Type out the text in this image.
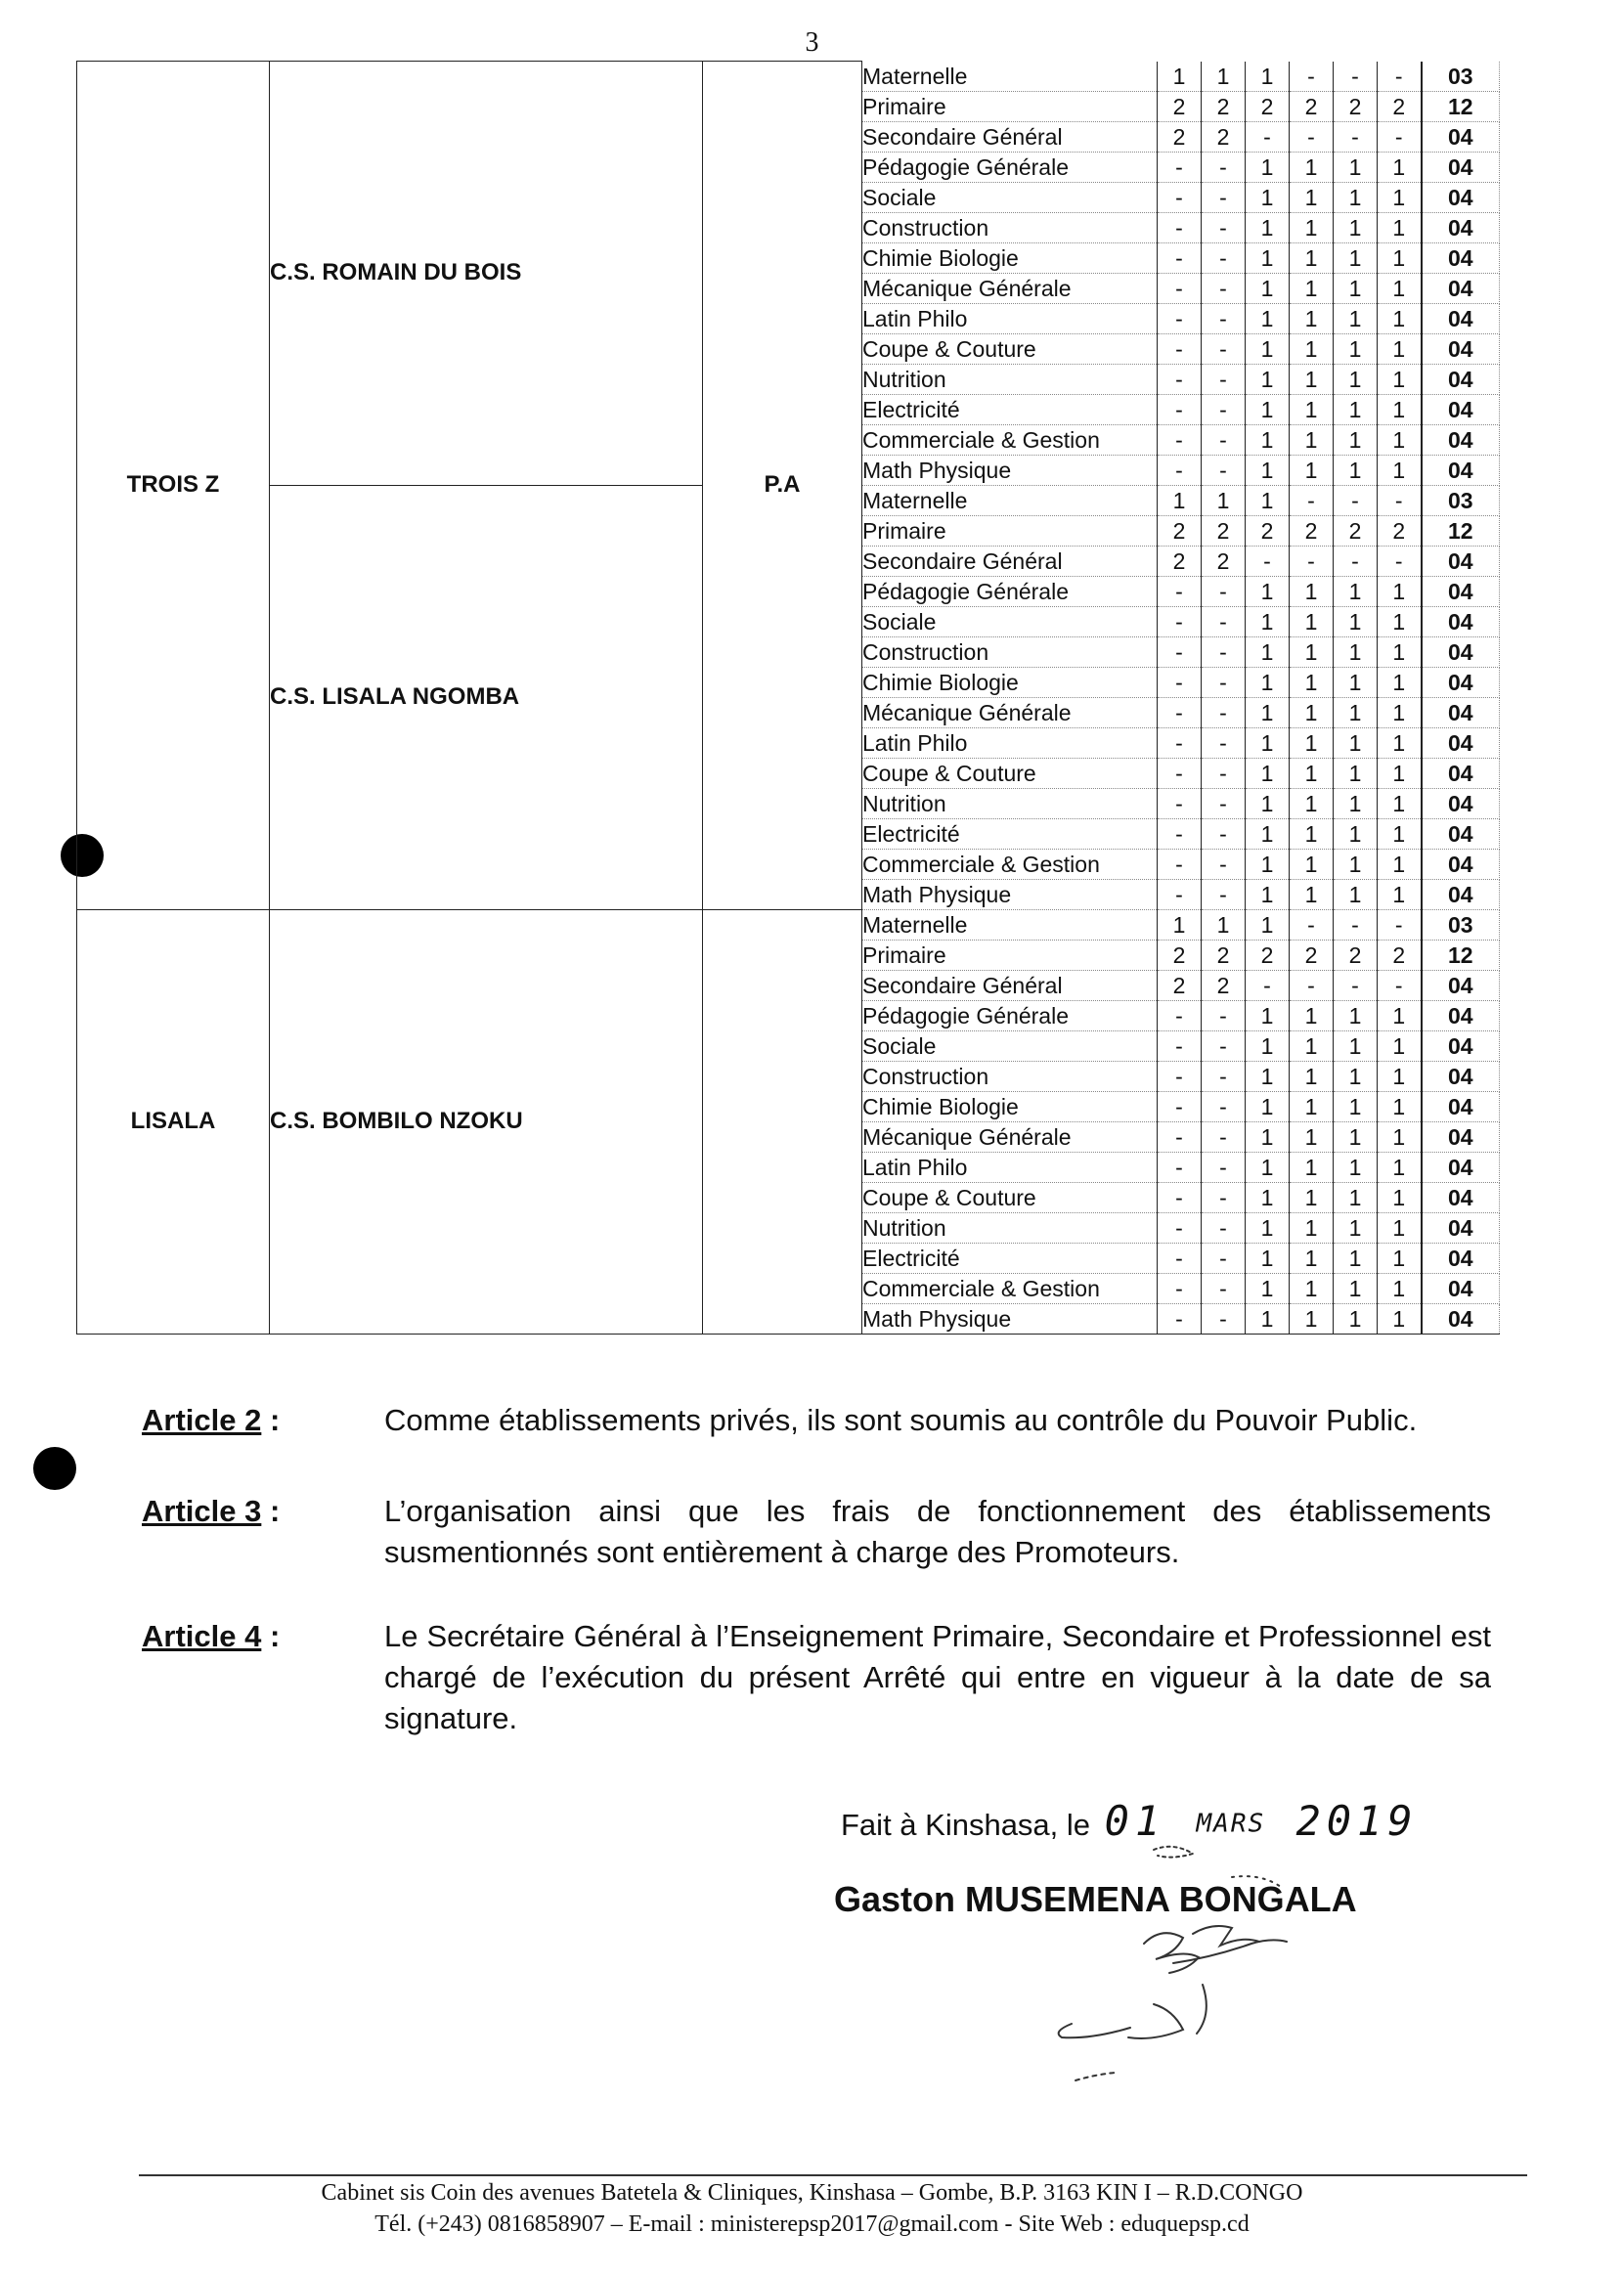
3
TROIS Z	C.S. ROMAIN DU BOIS	P.A	Maternelle	1	1	1	-	-	-	03
			Primaire	2	2	2	2	2	2	12
			Secondaire Général	2	2	-	-	-	-	04
			Pédagogie Générale	-	-	1	1	1	1	04
			Sociale	-	-	1	1	1	1	04
			Construction	-	-	1	1	1	1	04
			Chimie Biologie	-	-	1	1	1	1	04
			Mécanique Générale	-	-	1	1	1	1	04
			Latin Philo	-	-	1	1	1	1	04
			Coupe & Couture	-	-	1	1	1	1	04
			Nutrition	-	-	1	1	1	1	04
			Electricité	-	-	1	1	1	1	04
			Commerciale & Gestion	-	-	1	1	1	1	04
			Math Physique	-	-	1	1	1	1	04
	C.S. LISALA NGOMBA		Maternelle	1	1	1	-	-	-	03
			Primaire	2	2	2	2	2	2	12
			Secondaire Général	2	2	-	-	-	-	04
			Pédagogie Générale	-	-	1	1	1	1	04
			Sociale	-	-	1	1	1	1	04
			Construction	-	-	1	1	1	1	04
			Chimie Biologie	-	-	1	1	1	1	04
			Mécanique Générale	-	-	1	1	1	1	04
			Latin Philo	-	-	1	1	1	1	04
			Coupe & Couture	-	-	1	1	1	1	04
			Nutrition	-	-	1	1	1	1	04
			Electricité	-	-	1	1	1	1	04
			Commerciale & Gestion	-	-	1	1	1	1	04
			Math Physique	-	-	1	1	1	1	04
LISALA	C.S. BOMBILO NZOKU		Maternelle	1	1	1	-	-	-	03
			Primaire	2	2	2	2	2	2	12
			Secondaire Général	2	2	-	-	-	-	04
			Pédagogie Générale	-	-	1	1	1	1	04
			Sociale	-	-	1	1	1	1	04
			Construction	-	-	1	1	1	1	04
			Chimie Biologie	-	-	1	1	1	1	04
			Mécanique Générale	-	-	1	1	1	1	04
			Latin Philo	-	-	1	1	1	1	04
			Coupe & Couture	-	-	1	1	1	1	04
			Nutrition	-	-	1	1	1	1	04
			Electricité	-	-	1	1	1	1	04
			Commerciale & Gestion	-	-	1	1	1	1	04
			Math Physique	-	-	1	1	1	1	04
Article 2 :	Comme établissements privés, ils sont soumis au contrôle du Pouvoir Public.
Article 3 :	L’organisation ainsi que les frais de fonctionnement des établissements susmentionnés sont entièrement à charge des Promoteurs.
Article 4 :	Le Secrétaire Général à l’Enseignement Primaire, Secondaire et Professionnel est chargé de l’exécution du présent Arrêté qui entre en vigueur à la date de sa signature.
Fait à Kinshasa, le 01 MARS 2019
Gaston MUSEMENA BONGALA
Cabinet sis Coin des avenues Batetela & Cliniques, Kinshasa – Gombe, B.P. 3163 KIN I – R.D.CONGO
Tél. (+243) 0816858907 – E-mail : ministerepsp2017@gmail.com - Site Web : eduquepsp.cd
